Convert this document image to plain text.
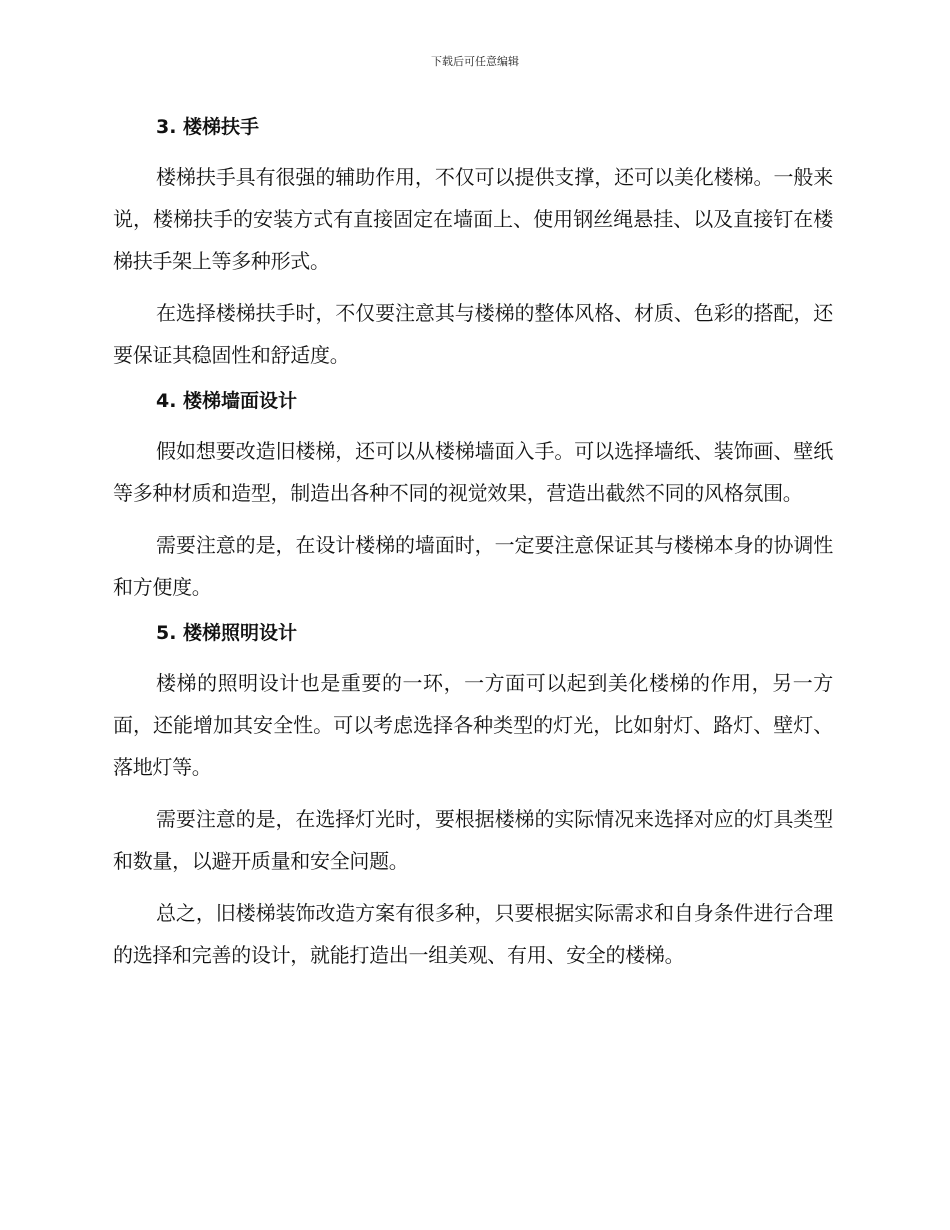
下载后可任意编辑
3. 楼梯扶手

楼梯扶手具有很强的辅助作用，不仅可以提供支撑，还可以美化楼梯。一般来说，楼梯扶手的安装方式有直接固定在墙面上、使用钢丝绳悬挂、以及直接钉在楼梯扶手架上等多种形式。

在选择楼梯扶手时，不仅要注意其与楼梯的整体风格、材质、色彩的搭配，还要保证其稳固性和舒适度。

4. 楼梯墙面设计

假如想要改造旧楼梯，还可以从楼梯墙面入手。可以选择墙纸、装饰画、壁纸等多种材质和造型，制造出各种不同的视觉效果，营造出截然不同的风格氛围。

需要注意的是，在设计楼梯的墙面时，一定要注意保证其与楼梯本身的协调性和方便度。

5. 楼梯照明设计

楼梯的照明设计也是重要的一环，一方面可以起到美化楼梯的作用，另一方面，还能增加其安全性。可以考虑选择各种类型的灯光，比如射灯、路灯、壁灯、落地灯等。

需要注意的是，在选择灯光时，要根据楼梯的实际情况来选择对应的灯具类型和数量，以避开质量和安全问题。

总之，旧楼梯装饰改造方案有很多种，只要根据实际需求和自身条件进行合理的选择和完善的设计，就能打造出一组美观、有用、安全的楼梯。
